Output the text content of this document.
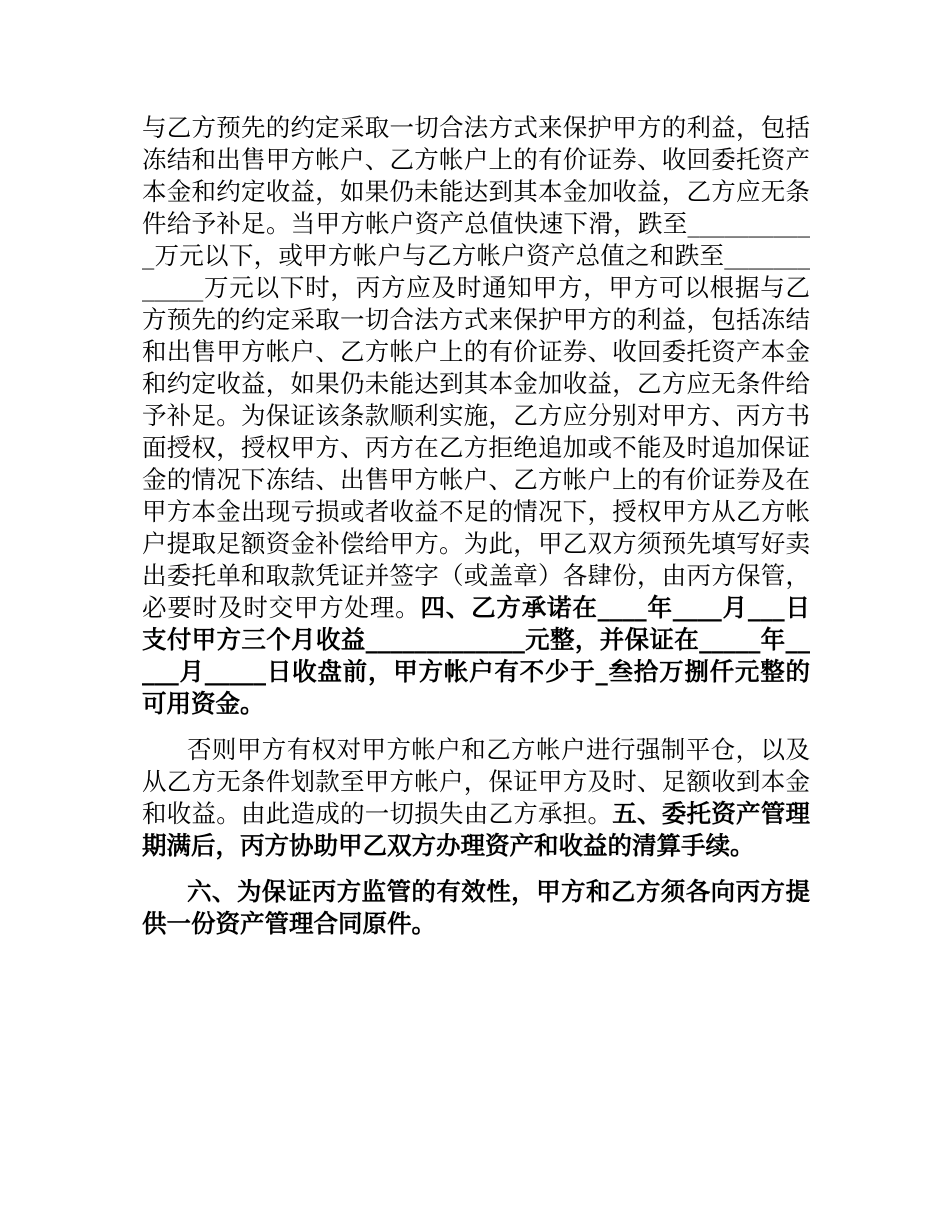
与乙方预先的约定采取一切合法方式来保护甲方的利益，包括冻结和出售甲方帐户、乙方帐户上的有价证券、收回委托资产本金和约定收益，如果仍未能达到其本金加收益，乙方应无条件给予补足。当甲方帐户资产总值快速下滑，跌至___________万元以下，或甲方帐户与乙方帐户资产总值之和跌至____________万元以下时，丙方应及时通知甲方，甲方可以根据与乙方预先的约定采取一切合法方式来保护甲方的利益，包括冻结和出售甲方帐户、乙方帐户上的有价证券、收回委托资产本金和约定收益，如果仍未能达到其本金加收益，乙方应无条件给予补足。为保证该条款顺利实施，乙方应分别对甲方、丙方书面授权，授权甲方、丙方在乙方拒绝追加或不能及时追加保证金的情况下冻结、出售甲方帐户、乙方帐户上的有价证券及在甲方本金出现亏损或者收益不足的情况下，授权甲方从乙方帐户提取足额资金补偿给甲方。为此，甲乙双方须预先填写好卖出委托单和取款凭证并签字（或盖章）各肆份，由丙方保管，必要时及时交甲方处理。四、乙方承诺在____年____月___日支付甲方三个月收益_____________元整，并保证在_____年_____月_____日收盘前，甲方帐户有不少于_叁拾万捌仟元整的可用资金。

否则甲方有权对甲方帐户和乙方帐户进行强制平仓，以及从乙方无条件划款至甲方帐户，保证甲方及时、足额收到本金和收益。由此造成的一切损失由乙方承担。五、委托资产管理期满后，丙方协助甲乙双方办理资产和收益的清算手续。

六、为保证丙方监管的有效性，甲方和乙方须各向丙方提供一份资产管理合同原件。
